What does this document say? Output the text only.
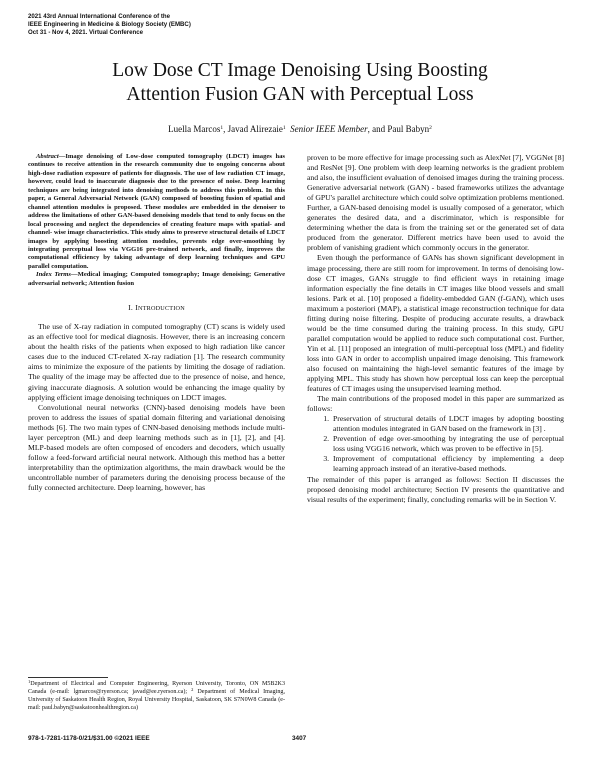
2021 43rd Annual International Conference of the
IEEE Engineering in Medicine & Biology Society (EMBC)
Oct 31 - Nov 4, 2021. Virtual Conference
Low Dose CT Image Denoising Using Boosting
Attention Fusion GAN with Perceptual Loss
Luella Marcos$^1$, Javad Alirezaie$^1$ Senior IEEE Member, and Paul Babyn$^2$

Abstract—Image denoising of Low-dose computed tomography (LDCT) images has continues to receive attention in the research community due to ongoing concerns about high-dose radiation exposure of patients for diagnosis. The use of low radiation CT image, however, could lead to inaccurate diagnosis due to the presence of noise. Deep learning techniques are being integrated into denoising methods to address this problem. In this paper, a General Adversarial Network (GAN) composed of boosting fusion of spatial and channel attention modules is proposed. These modules are embedded in the denoiser to address the limitations of other GAN-based denoising models that tend to only focus on the local processing and neglect the dependencies of creating feature maps with spatial- and channel- wise image characteristics. This study aims to preserve structural details of LDCT images by applying boosting attention modules, prevents edge over-smoothing by integrating perceptual loss via VGG16 pre-trained network, and finally, improves the computational efficiency by taking advantage of deep learning techniques and GPU parallel computation.

Index Terms—Medical imaging; Computed tomography; Image denoising; Generative adversarial network; Attention fusion

I. INTRODUCTION

The use of X-ray radiation in computed tomography (CT) scans is widely used as an effective tool for medical diagnosis. However, there is an increasing concern about the health risks of the patients when exposed to high radiation like cancer cases due to the induced CT-related X-ray radiation [1]. The research community aims to minimize the exposure of the patients by limiting the dosage of radiation. The quality of the image may be affected due to the presence of noise, and hence, giving inaccurate diagnosis. A solution would be enhancing the image quality by applying efficient image denoising techniques on LDCT images.

Convolutional neural networks (CNN)-based denoising models have been proven to address the issues of spatial domain filtering and variational denoising methods [6]. The two main types of CNN-based denoising methods include multi-layer perceptron (ML) and deep learning methods such as in [1], [2], and [4]. MLP-based models are often composed of encoders and decoders, which usually follow a feed-forward artificial neural network. Although this method has a better interpretability than the optimization algorithms, the main drawback would be the uncontrollable number of parameters during the denoising process because of the fully connected architecture. Deep learning, however, has

$^1$Department of Electrical and Computer Engineering, Ryerson University, Toronto, ON M5B2K3 Canada (e-mail: lgmarcos@ryerson.ca; javad@ee.ryerson.ca); $^2$ Department of Medical Imaging, University of Saskatoon Health Region, Royal University Hospital, Saskatoon, SK S7N0W8 Canada (e-mail: paul.babyn@saskatoonhealthregion.ca)

proven to be more effective for image processing such as AlexNet [7], VGGNet [8] and ResNet [9]. One problem with deep learning networks is the gradient problem and also, the insufficient evaluation of denoised images during the training process. Generative adversarial network (GAN) - based frameworks utilizes the advantage of GPU's parallel architecture which could solve optimization problems mentioned. Further, a GAN-based denoising model is usually composed of a generator, which generates the desired data, and a discriminator, which is responsible for determining whether the data is from the training set or the generated set of data produced from the generator. Different metrics have been used to avoid the problem of vanishing gradient which commonly occurs in the generator.

Even though the performance of GANs has shown significant development in image processing, there are still room for improvement. In terms of denoising low-dose CT images, GANs struggle to find efficient ways in retaining image information especially the fine details in CT images like blood vessels and small lesions. Park et al. [10] proposed a fidelity-embedded GAN (f-GAN), which uses maximum a posteriori (MAP), a statistical image reconstruction technique for data fitting during noise filtering. Despite of producing accurate results, a drawback would be the time consumed during the training process. In this study, GPU parallel computation would be applied to reduce such computational cost. Further, Yin et al. [11] proposed an integration of multi-perceptual loss (MPL) and fidelity loss into GAN in order to accomplish unpaired image denoising. This framework also focused on maintaining the high-level semantic features of the image by applying MPL. This study has shown how perceptual loss can keep the perceptual features of CT images using the unsupervised learning method.

The main contributions of the proposed model in this paper are summarized as follows:

1. Preservation of structural details of LDCT images by adopting boosting attention modules integrated in GAN based on the framework in [3] .
2. Prevention of edge over-smoothing by integrating the use of perceptual loss using VGG16 network, which was proven to be effective in [5].
3. Improvement of computational efficiency by implementing a deep learning approach instead of an iterative-based methods.

The remainder of this paper is arranged as follows: Section II discusses the proposed denoising model architecture; Section IV presents the quantitative and visual results of the experiment; finally, concluding remarks will be in Section V.

978-1-7281-1178-0/21/$31.00 ©2021 IEEE	3407
